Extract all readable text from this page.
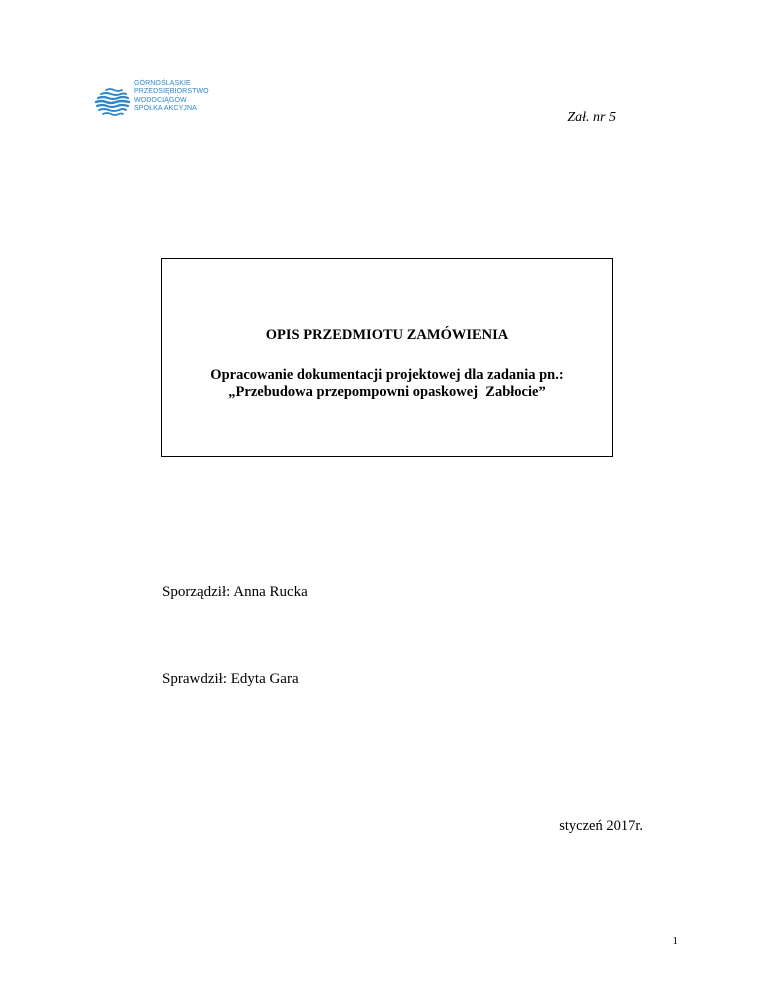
GÓRNOŚLĄSKIE
PRZEDSIĘBIORSTWO
WODOCIĄGÓW
SPÓŁKA AKCYJNA
Zał. nr 5
OPIS PRZEDMIOTU ZAMÓWIENIA
Opracowanie dokumentacji projektowej dla zadania pn.:
„Przebudowa przepompowni opaskowej  Zabłocie”
Sporządził: Anna Rucka
Sprawdził: Edyta Gara
styczeń 2017r.
1
